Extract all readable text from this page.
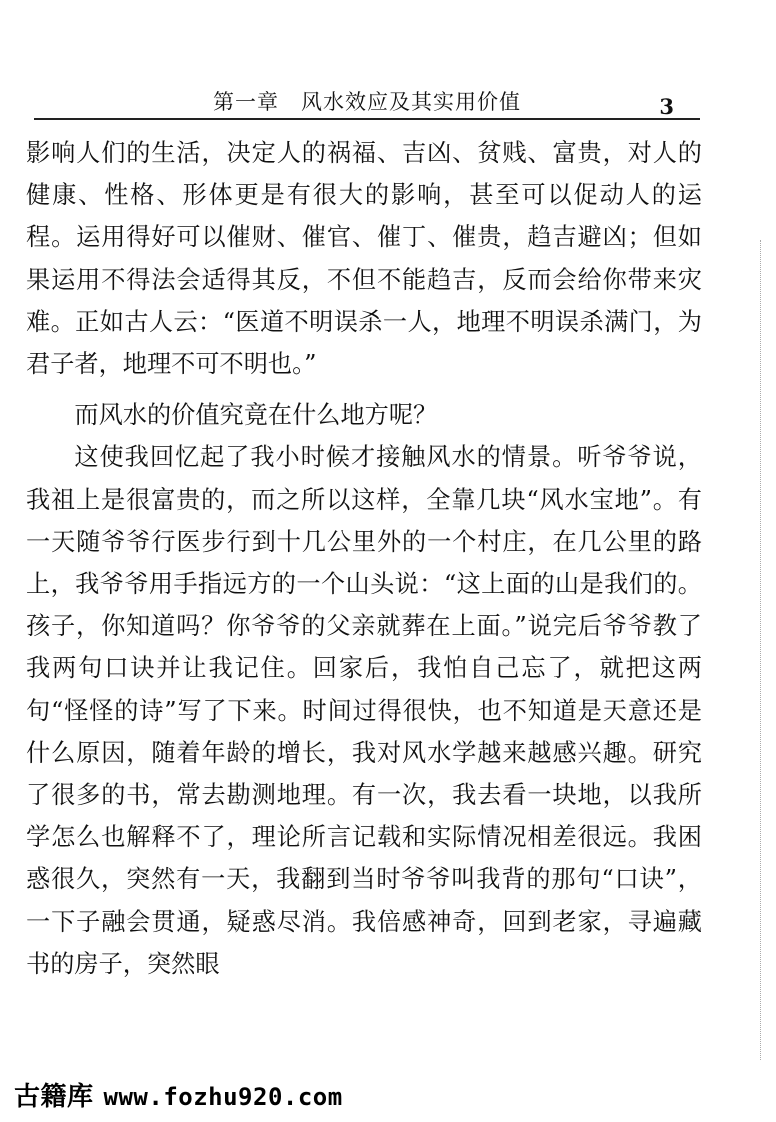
第一章　风水效应及其实用价值	3

影响人们的生活，决定人的祸福、吉凶、贫贱、富贵，对人的健康、性格、形体更是有很大的影响，甚至可以促动人的运程。运用得好可以催财、催官、催丁、催贵，趋吉避凶；但如果运用不得法会适得其反，不但不能趋吉，反而会给你带来灾难。正如古人云：“医道不明误杀一人，地理不明误杀满门，为君子者，地理不可不明也。”

而风水的价值究竟在什么地方呢？

这使我回忆起了我小时候才接触风水的情景。听爷爷说，我祖上是很富贵的，而之所以这样，全靠几块“风水宝地”。有一天随爷爷行医步行到十几公里外的一个村庄，在几公里的路上，我爷爷用手指远方的一个山头说：“这上面的山是我们的。孩子，你知道吗？你爷爷的父亲就葬在上面。”说完后爷爷教了我两句口诀并让我记住。回家后，我怕自己忘了，就把这两句“怪怪的诗”写了下来。时间过得很快，也不知道是天意还是什么原因，随着年龄的增长，我对风水学越来越感兴趣。研究了很多的书，常去勘测地理。有一次，我去看一块地，以我所学怎么也解释不了，理论所言记载和实际情况相差很远。我困惑很久，突然有一天，我翻到当时爷爷叫我背的那句“口诀”，一下子融会贯通，疑惑尽消。我倍感神奇，回到老家，寻遍藏书的房子，突然眼

古籍库 www.fozhu920.com
